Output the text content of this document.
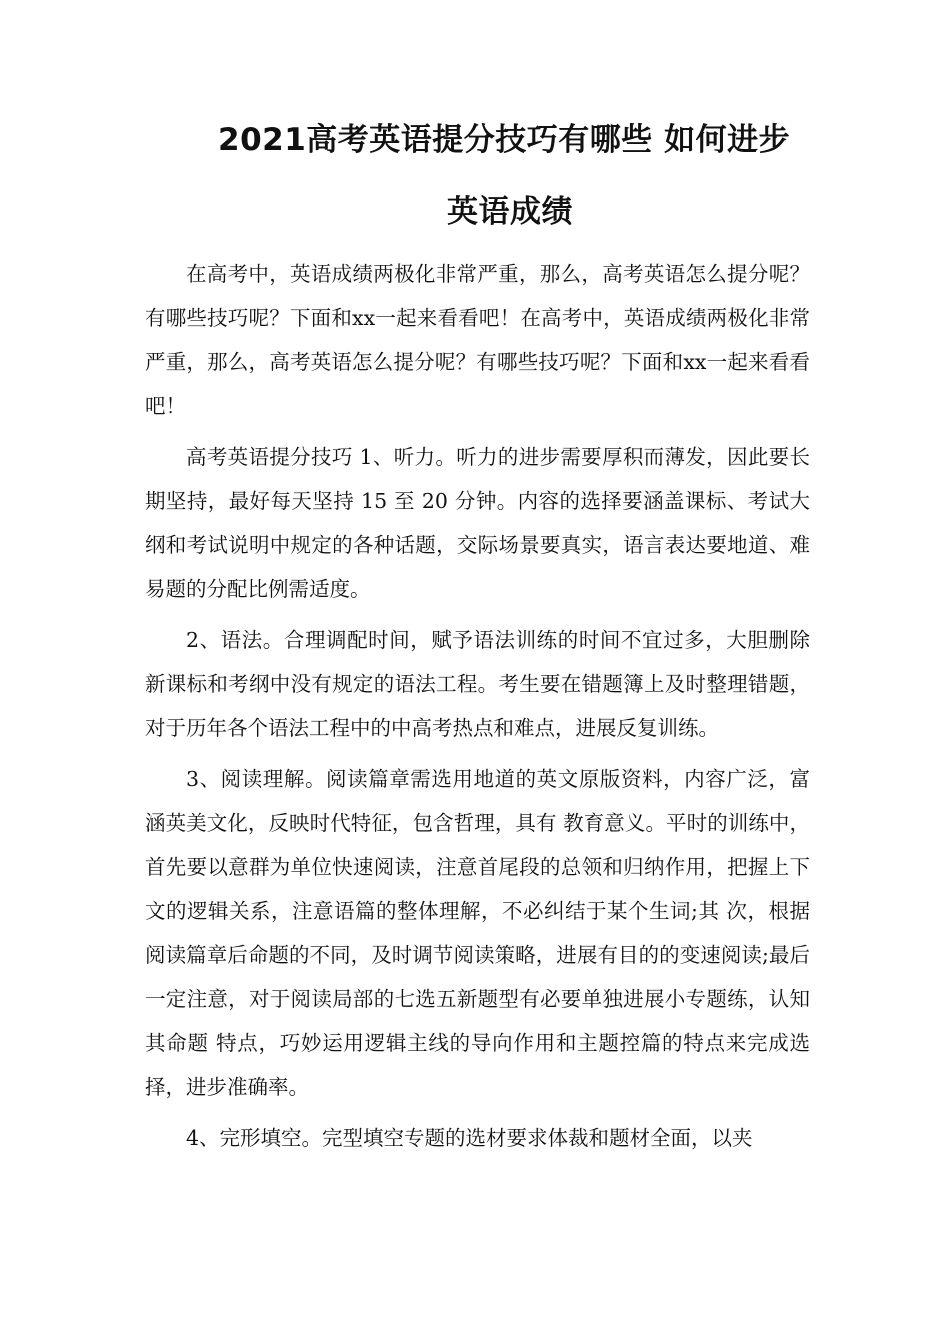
2021高考英语提分技巧有哪些 如何进步
英语成绩

在高考中，英语成绩两极化非常严重，那么，高考英语怎么提分呢？有哪些技巧呢？下面和xx一起来看看吧！在高考中，英语成绩两极化非常严重，那么，高考英语怎么提分呢？有哪些技巧呢？下面和xx一起来看看吧！

高考英语提分技巧 1、听力。听力的进步需要厚积而薄发，因此要长期坚持，最好每天坚持 15 至 20 分钟。内容的选择要涵盖课标、考试大纲和考试说明中规定的各种话题，交际场景要真实，语言表达要地道、难易题的分配比例需适度。

2、语法。合理调配时间，赋予语法训练的时间不宜过多，大胆删除新课标和考纲中没有规定的语法工程。考生要在错题簿上及时整理错题，对于历年各个语法工程中的中高考热点和难点，进展反复训练。

3、阅读理解。阅读篇章需选用地道的英文原版资料，内容广泛，富涵英美文化，反映时代特征，包含哲理，具有 教育意义。平时的训练中，首先要以意群为单位快速阅读，注意首尾段的总领和归纳作用，把握上下文的逻辑关系，注意语篇的整体理解，不必纠结于某个生词;其 次，根据阅读篇章后命题的不同，及时调节阅读策略，进展有目的的变速阅读;最后一定注意，对于阅读局部的七选五新题型有必要单独进展小专题练，认知其命题 特点，巧妙运用逻辑主线的导向作用和主题控篇的特点来完成选择，进步准确率。

4、完形填空。完型填空专题的选材要求体裁和题材全面，以夹
